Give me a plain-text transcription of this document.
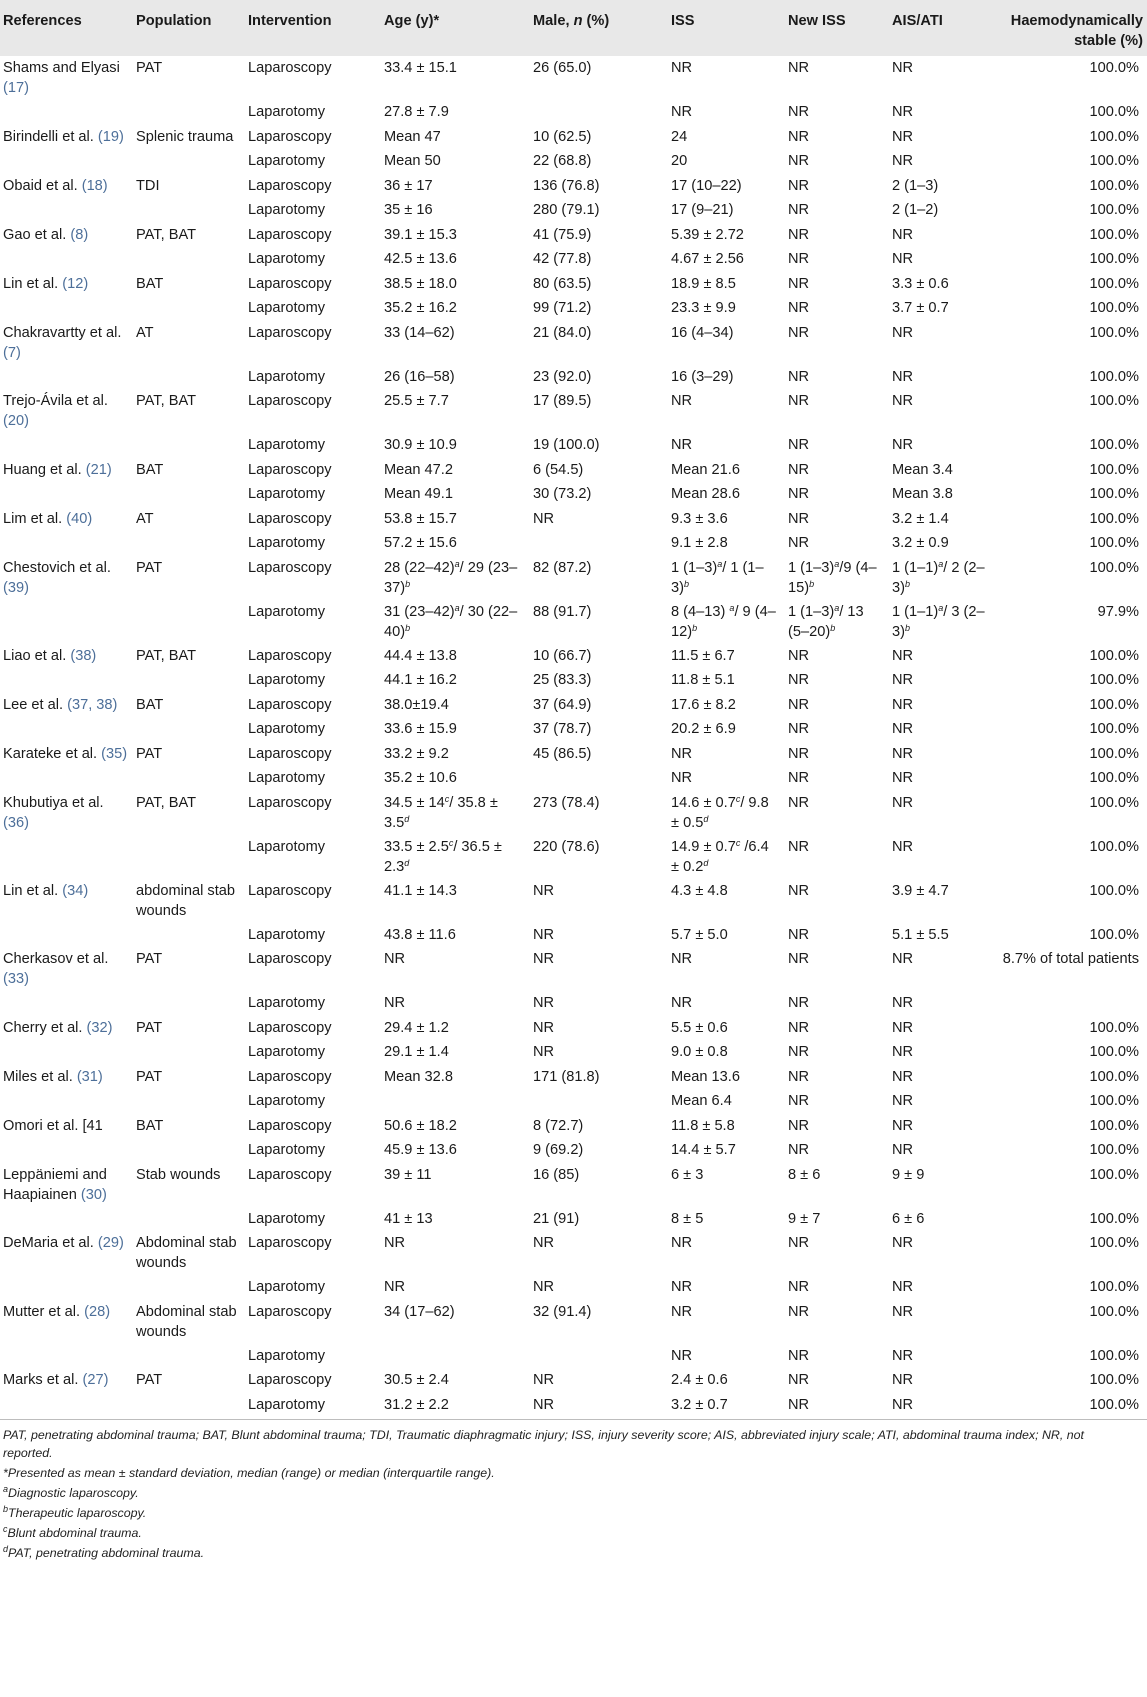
References	Population	Intervention	Age (y)*	Male, n (%)	ISS	New ISS	AIS/ATI	Haemodynamically stable (%)
Shams and Elyasi (17)	PAT	Laparoscopy	33.4 ± 15.1	26 (65.0)	NR	NR	NR	100.0%
		Laparotomy	27.8 ± 7.9		NR	NR	NR	100.0%
Birindelli et al. (19)	Splenic trauma	Laparoscopy	Mean 47	10 (62.5)	24	NR	NR	100.0%
		Laparotomy	Mean 50	22 (68.8)	20	NR	NR	100.0%
Obaid et al. (18)	TDI	Laparoscopy	36 ± 17	136 (76.8)	17 (10–22)	NR	2 (1–3)	100.0%
		Laparotomy	35 ± 16	280 (79.1)	17 (9–21)	NR	2 (1–2)	100.0%
Gao et al. (8)	PAT, BAT	Laparoscopy	39.1 ± 15.3	41 (75.9)	5.39 ± 2.72	NR	NR	100.0%
		Laparotomy	42.5 ± 13.6	42 (77.8)	4.67 ± 2.56	NR	NR	100.0%
Lin et al. (12)	BAT	Laparoscopy	38.5 ± 18.0	80 (63.5)	18.9 ± 8.5	NR	3.3 ± 0.6	100.0%
		Laparotomy	35.2 ± 16.2	99 (71.2)	23.3 ± 9.9	NR	3.7 ± 0.7	100.0%
Chakravartty et al. (7)	AT	Laparoscopy	33 (14–62)	21 (84.0)	16 (4–34)	NR	NR	100.0%
		Laparotomy	26 (16–58)	23 (92.0)	16 (3–29)	NR	NR	100.0%
Trejo-Ávila et al. (20)	PAT, BAT	Laparoscopy	25.5 ± 7.7	17 (89.5)	NR	NR	NR	100.0%
		Laparotomy	30.9 ± 10.9	19 (100.0)	NR	NR	NR	100.0%
Huang et al. (21)	BAT	Laparoscopy	Mean 47.2	6 (54.5)	Mean 21.6	NR	Mean 3.4	100.0%
		Laparotomy	Mean 49.1	30 (73.2)	Mean 28.6	NR	Mean 3.8	100.0%
Lim et al. (40)	AT	Laparoscopy	53.8 ± 15.7	NR	9.3 ± 3.6	NR	3.2 ± 1.4	100.0%
		Laparotomy	57.2 ± 15.6		9.1 ± 2.8	NR	3.2 ± 0.9	100.0%
Chestovich et al. (39)	PAT	Laparoscopy	28 $(22-42)^a/$ 29 $(23-37)^b$	82 (87.2)	1 $(1-3)^a/$ 1 $(1-3)^b$	1 $(1-3)^a/9$ $(4-15)^b$	1 $(1-1)^a/$ 2 $(2-3)^b$	100.0%
		Laparotomy	31 $(23-42)^a/$ 30 $(22-40)^b$	88 (91.7)	8 (4–13) $^a$/ 9 $(4-12)^b$	1 $(1-3)^a/$ 13 $(5-20)^b$	1 $(1-1)^a/$ 3 $(2-3)^b$	97.9%
Liao et al. (38)	PAT, BAT	Laparoscopy	44.4 ± 13.8	10 (66.7)	11.5 ± 6.7	NR	NR	100.0%
		Laparotomy	44.1 ± 16.2	25 (83.3)	11.8 ± 5.1	NR	NR	100.0%
Lee et al. (37, 38)	BAT	Laparoscopy	38.0±19.4	37 (64.9)	17.6 ± 8.2	NR	NR	100.0%
		Laparotomy	33.6 ± 15.9	37 (78.7)	20.2 ± 6.9	NR	NR	100.0%
Karateke et al. (35)	PAT	Laparoscopy	33.2 ± 9.2	45 (86.5)	NR	NR	NR	100.0%
		Laparotomy	35.2 ± 10.6		NR	NR	NR	100.0%
Khubutiya et al. (36)	PAT, BAT	Laparoscopy	$34.5 \pm 14^c/$ 35.8 ± 3.5$^d$	273 (78.4)	14.6 ± 0.7$^c$/ 9.8 ± 0.5$^d$	NR	NR	100.0%
		Laparotomy	33.5 ± 2.5$^c$/ 36.5 ± 2.3$^d$	220 (78.6)	14.9 ± 0.7$^c$ /6.4 ± 0.2$^d$	NR	NR	100.0%
Lin et al. (34)	abdominal stab wounds	Laparoscopy	41.1 ± 14.3	NR	4.3 ± 4.8	NR	3.9 ± 4.7	100.0%
		Laparotomy	43.8 ± 11.6	NR	5.7 ± 5.0	NR	5.1 ± 5.5	100.0%
Cherkasov et al. (33)	PAT	Laparoscopy	NR	NR	NR	NR	NR	8.7% of total patients
		Laparotomy	NR	NR	NR	NR	NR	
Cherry et al. (32)	PAT	Laparoscopy	29.4 ± 1.2	NR	5.5 ± 0.6	NR	NR	100.0%
		Laparotomy	29.1 ± 1.4	NR	9.0 ± 0.8	NR	NR	100.0%
Miles et al. (31)	PAT	Laparoscopy	Mean 32.8	171 (81.8)	Mean 13.6	NR	NR	100.0%
		Laparotomy			Mean 6.4	NR	NR	100.0%
Omori et al. [41	BAT	Laparoscopy	50.6 ± 18.2	8 (72.7)	11.8 ± 5.8	NR	NR	100.0%
		Laparotomy	45.9 ± 13.6	9 (69.2)	14.4 ± 5.7	NR	NR	100.0%
Leppäniemi and Haapiainen (30)	Stab wounds	Laparoscopy	39 ± 11	16 (85)	6 ± 3	8 ± 6	9 ± 9	100.0%
		Laparotomy	41 ± 13	21 (91)	8 ± 5	9 ± 7	6 ± 6	100.0%
DeMaria et al. (29)	Abdominal stab wounds	Laparoscopy	NR	NR	NR	NR	NR	100.0%
		Laparotomy	NR	NR	NR	NR	NR	100.0%
Mutter et al. (28)	Abdominal stab wounds	Laparoscopy	34 (17–62)	32 (91.4)	NR	NR	NR	100.0%
		Laparotomy			NR	NR	NR	100.0%
Marks et al. (27)	PAT	Laparoscopy	30.5 ± 2.4	NR	2.4 ± 0.6	NR	NR	100.0%
		Laparotomy	31.2 ± 2.2	NR	3.2 ± 0.7	NR	NR	100.0%

PAT, penetrating abdominal trauma; BAT, Blunt abdominal trauma; TDI, Traumatic diaphragmatic injury; ISS, injury severity score; AIS, abbreviated injury scale; ATI, abdominal trauma index; NR, not reported.

*Presented as mean ± standard deviation, median (range) or median (interquartile range).

$^a$Diagnostic laparoscopy.

$^b$Therapeutic laparoscopy.

$^c$Blunt abdominal trauma.

$^d$PAT, penetrating abdominal trauma.
